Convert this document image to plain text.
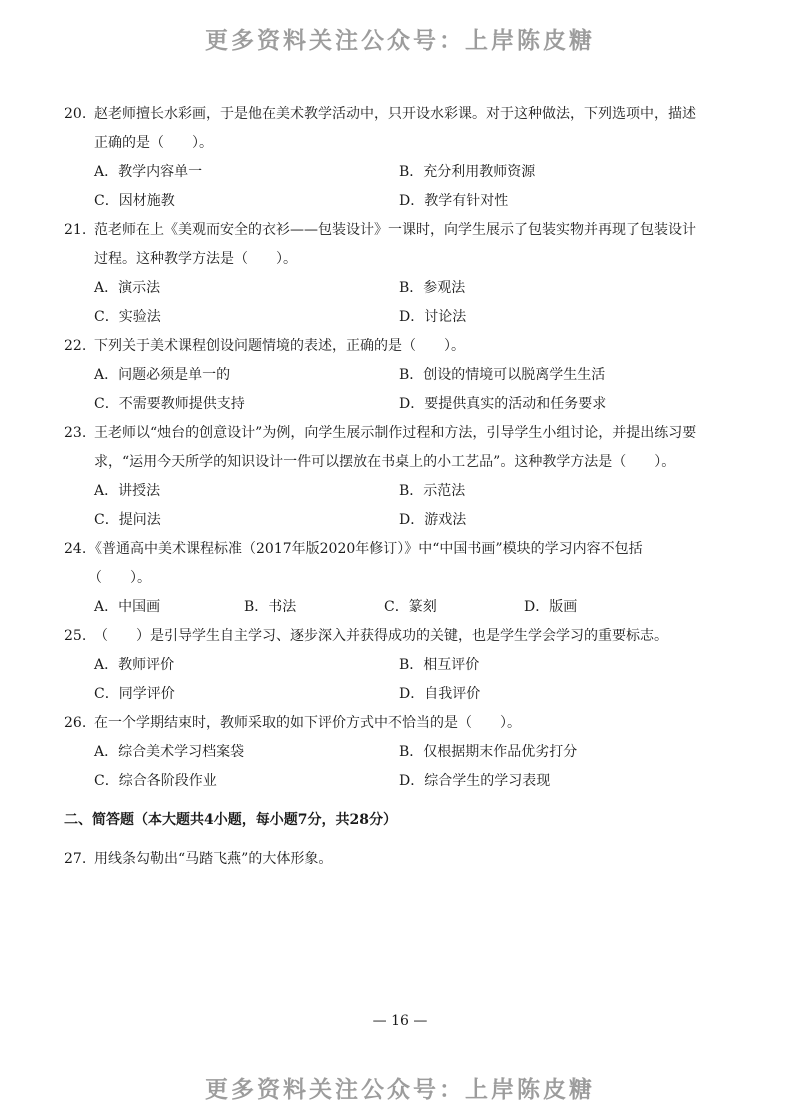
更多资料关注公众号：上岸陈皮糖
20. 赵老师擅长水彩画，于是他在美术教学活动中，只开设水彩课。对于这种做法，下列选项中，描述正确的是（　　）。
A．教学内容单一	B．充分利用教师资源
C．因材施教	D．教学有针对性
21. 范老师在上《美观而安全的衣衫——包装设计》一课时，向学生展示了包装实物并再现了包装设计过程。这种教学方法是（　　）。
A．演示法	B．参观法
C．实验法	D．讨论法
22. 下列关于美术课程创设问题情境的表述，正确的是（　　）。
A．问题必须是单一的	B．创设的情境可以脱离学生生活
C．不需要教师提供支持	D．要提供真实的活动和任务要求
23. 王老师以“烛台的创意设计”为例，向学生展示制作过程和方法，引导学生小组讨论，并提出练习要求，“运用今天所学的知识设计一件可以摆放在书桌上的小工艺品”。这种教学方法是（　　）。
A．讲授法	B．示范法
C．提问法	D．游戏法
24. 《普通高中美术课程标准（2017年版2020年修订）》中“中国书画”模块的学习内容不包括（　　）。
A．中国画	B．书法	C．篆刻	D．版画
25. （　　）是引导学生自主学习、逐步深入并获得成功的关键，也是学生学会学习的重要标志。
A．教师评价	B．相互评价
C．同学评价	D．自我评价
26. 在一个学期结束时，教师采取的如下评价方式中不恰当的是（　　）。
A．综合美术学习档案袋	B．仅根据期末作品优劣打分
C．综合各阶段作业	D．综合学生的学习表现
二、简答题（本大题共4小题，每小题7分，共28分）
27. 用线条勾勒出“马踏飞燕”的大体形象。
— 16 —
更多资料关注公众号：上岸陈皮糖
